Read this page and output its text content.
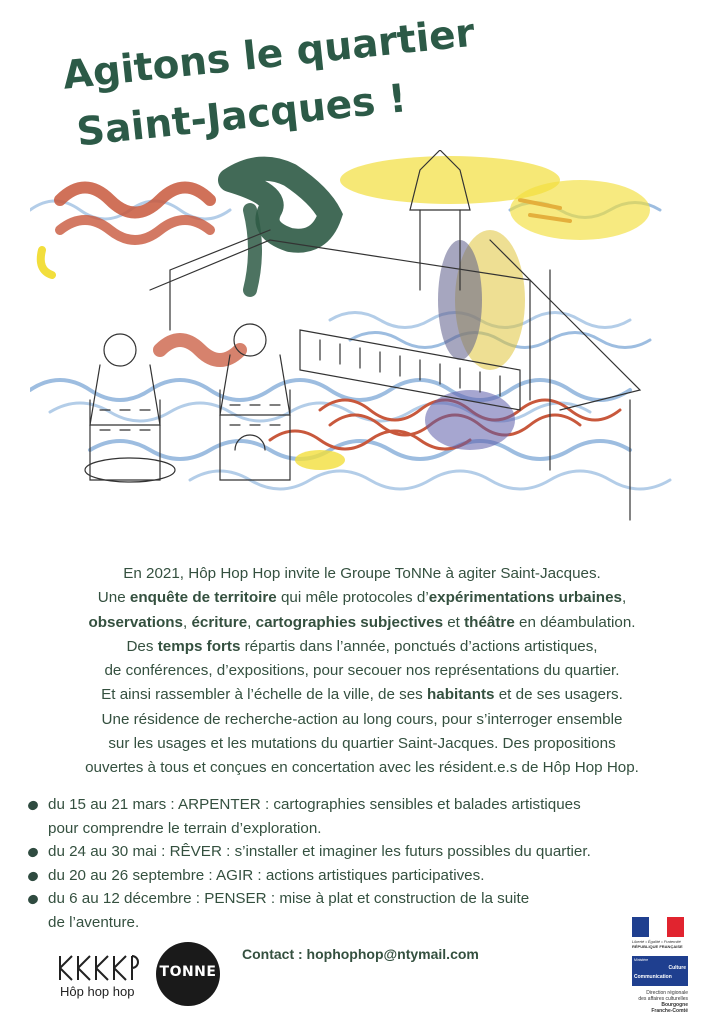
Agitons le quartier
Saint-Jacques !

En 2021, Hôp Hop Hop invite le Groupe ToNNe à agiter Saint-Jacques.

Une enquête de territoire qui mêle protocoles d’expérimentations urbaines,

observations, écriture, cartographies subjectives et théâtre en déambulation.

Des temps forts répartis dans l’année, ponctués d’actions artistiques,

de conférences, d’expositions, pour secouer nos représentations du quartier.

Et ainsi rassembler à l’échelle de la ville, de ses habitants et de ses usagers.

Une résidence de recherche-action au long cours, pour s’interroger ensemble

sur les usages et les mutations du quartier Saint-Jacques. Des propositions

ouvertes à tous et conçues en concertation avec les résident.e.s de Hôp Hop Hop.

du 15 au 21 mars : ARPENTER : cartographies sensibles et balades artistiques
pour comprendre le terrain d’exploration.
du 24 au 30 mai : RÊVER : s’installer et imaginer les futurs possibles du quartier.
du 20 au 26 septembre : AGIR : actions artistiques participatives.
du 6 au 12 décembre : PENSER : mise à plat et construction de la suite
de l’aventure.
Hôp hop hop
TONNE
Contact : hophophop@ntymail.com
Liberté • Égalité • Fraternité
RÉPUBLIQUE FRANÇAISE
Ministère
Culture
Communication
Direction régionale
des affaires culturelles
Bourgogne
Franche-Comté
